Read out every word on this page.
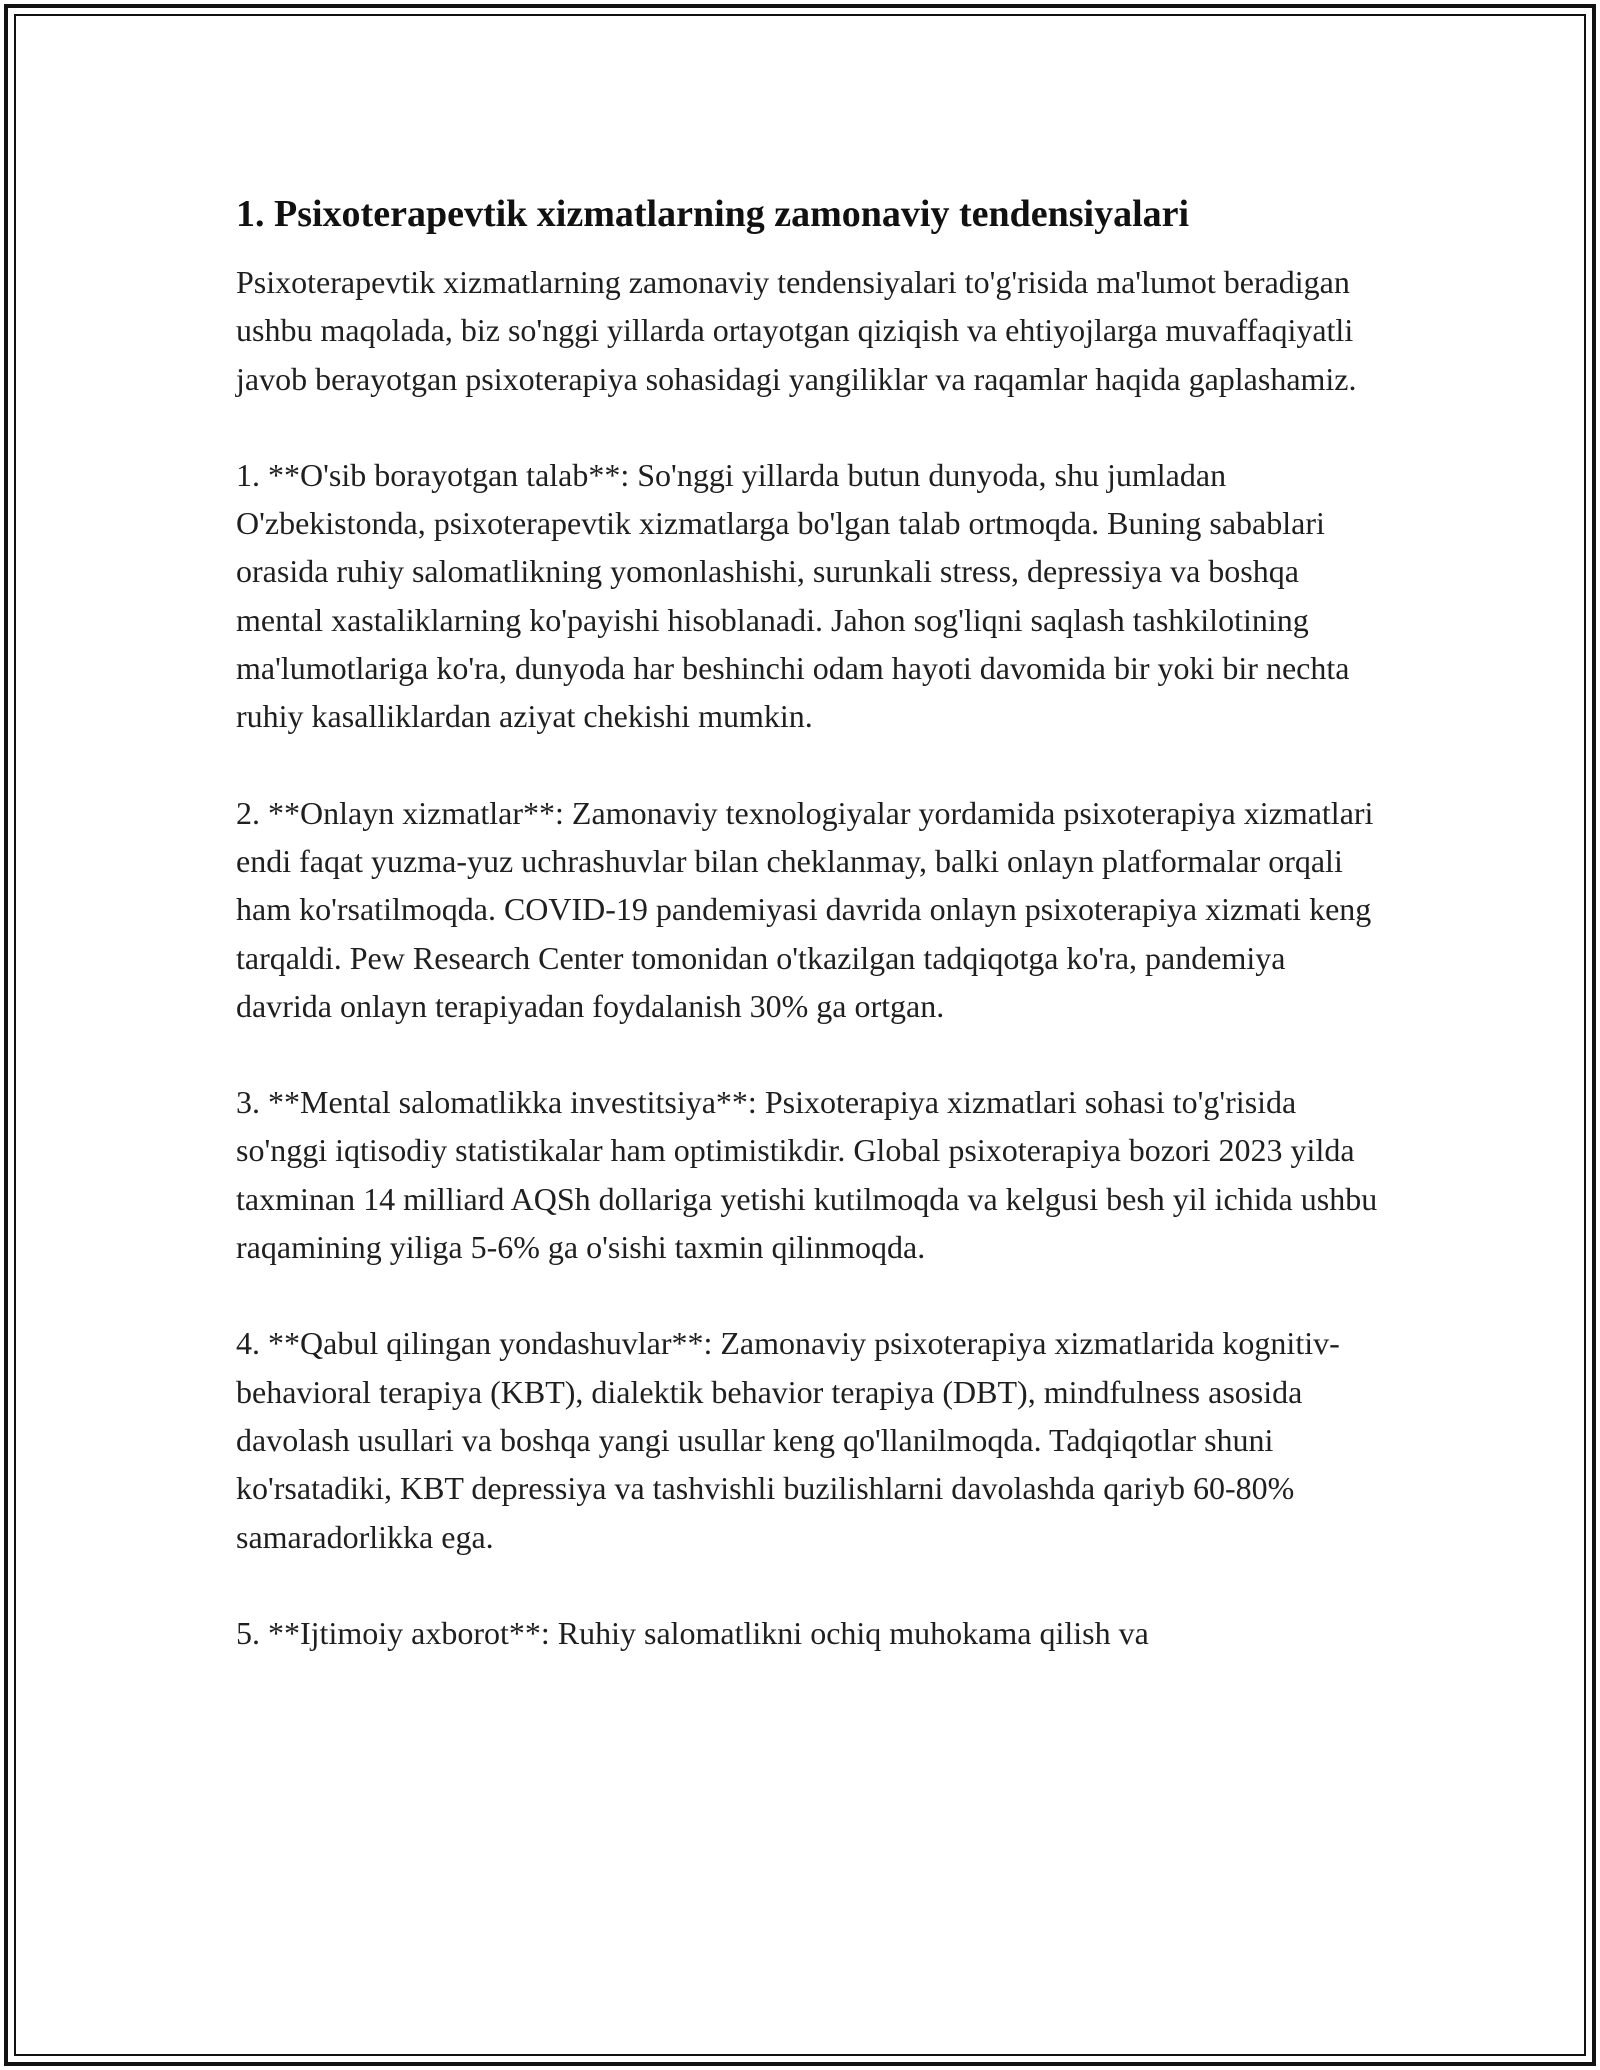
1. Psixoterapevtik xizmatlarning zamonaviy tendensiyalari

Psixoterapevtik xizmatlarning zamonaviy tendensiyalari to'g'risida ma'lumot beradigan ushbu maqolada, biz so'nggi yillarda ortayotgan qiziqish va ehtiyojlarga muvaffaqiyatli javob berayotgan psixoterapiya sohasidagi yangiliklar va raqamlar haqida gaplashamiz.

1. **O'sib borayotgan talab**: So'nggi yillarda butun dunyoda, shu jumladan O'zbekistonda, psixoterapevtik xizmatlarga bo'lgan talab ortmoqda. Buning sabablari orasida ruhiy salomatlikning yomonlashishi, surunkali stress, depressiya va boshqa mental xastaliklarning ko'payishi hisoblanadi. Jahon sog'liqni saqlash tashkilotining ma'lumotlariga ko'ra, dunyoda har beshinchi odam hayoti davomida bir yoki bir nechta ruhiy kasalliklardan aziyat chekishi mumkin.

2. **Onlayn xizmatlar**: Zamonaviy texnologiyalar yordamida psixoterapiya xizmatlari endi faqat yuzma-yuz uchrashuvlar bilan cheklanmay, balki onlayn platformalar orqali ham ko'rsatilmoqda. COVID-19 pandemiyasi davrida onlayn psixoterapiya xizmati keng tarqaldi. Pew Research Center tomonidan o'tkazilgan tadqiqotga ko'ra, pandemiya davrida onlayn terapiyadan foydalanish 30% ga ortgan.

3. **Mental salomatlikka investitsiya**: Psixoterapiya xizmatlari sohasi to'g'risida so'nggi iqtisodiy statistikalar ham optimistikdir. Global psixoterapiya bozori 2023 yilda taxminan 14 milliard AQSh dollariga yetishi kutilmoqda va kelgusi besh yil ichida ushbu raqamining yiliga 5-6% ga o'sishi taxmin qilinmoqda.

4. **Qabul qilingan yondashuvlar**: Zamonaviy psixoterapiya xizmatlarida kognitiv-behavioral terapiya (KBT), dialektik behavior terapiya (DBT), mindfulness asosida davolash usullari va boshqa yangi usullar keng qo'llanilmoqda. Tadqiqotlar shuni ko'rsatadiki, KBT depressiya va tashvishli buzilishlarni davolashda qariyb 60-80% samaradorlikka ega.

5. **Ijtimoiy axborot**: Ruhiy salomatlikni ochiq muhokama qilish va
